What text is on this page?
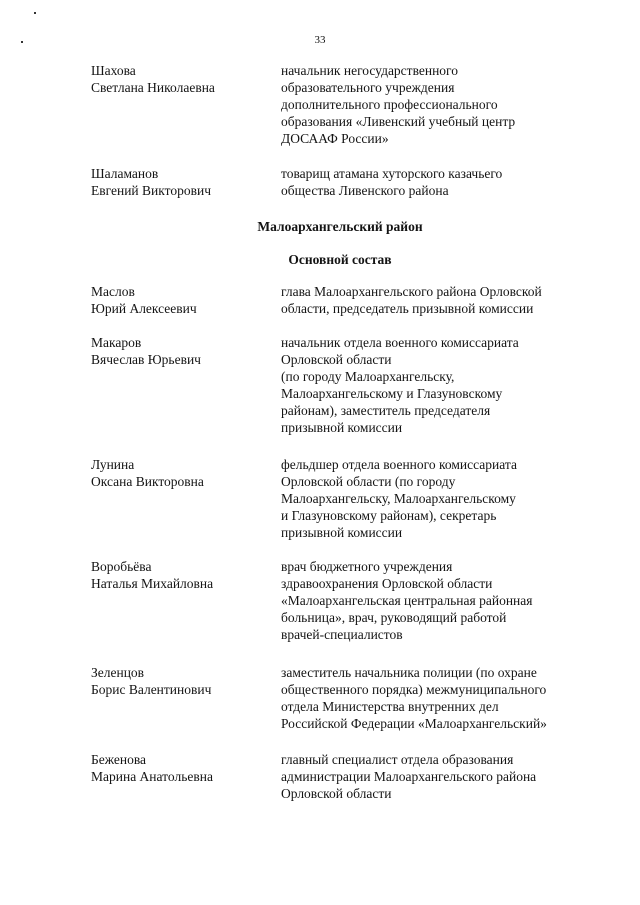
33
Шахова
Светлана Николаевна
начальник негосударственного
образовательного учреждения
дополнительного профессионального
образования «Ливенский учебный центр
ДОСААФ России»
Шаламанов
Евгений Викторович
товарищ атамана хуторского казачьего
общества Ливенского района
Малоархангельский район
Основной состав
Маслов
Юрий Алексеевич
глава Малоархангельского района Орловской
области, председатель призывной комиссии
Макаров
Вячеслав Юрьевич
начальник отдела военного комиссариата
Орловской области
(по городу Малоархангельску,
Малоархангельскому и Глазуновскому
районам), заместитель председателя
призывной комиссии
Лунина
Оксана Викторовна
фельдшер отдела военного комиссариата
Орловской области (по городу
Малоархангельску, Малоархангельскому
и Глазуновскому районам), секретарь
призывной комиссии
Воробьёва
Наталья Михайловна
врач бюджетного учреждения
здравоохранения Орловской области
«Малоархангельская центральная районная
больница», врач, руководящий работой
врачей-специалистов
Зеленцов
Борис Валентинович
заместитель начальника полиции (по охране
общественного порядка) межмуниципального
отдела Министерства внутренних дел
Российской Федерации «Малоархангельский»
Беженова
Марина Анатольевна
главный специалист отдела образования
администрации Малоархангельского района
Орловской области
